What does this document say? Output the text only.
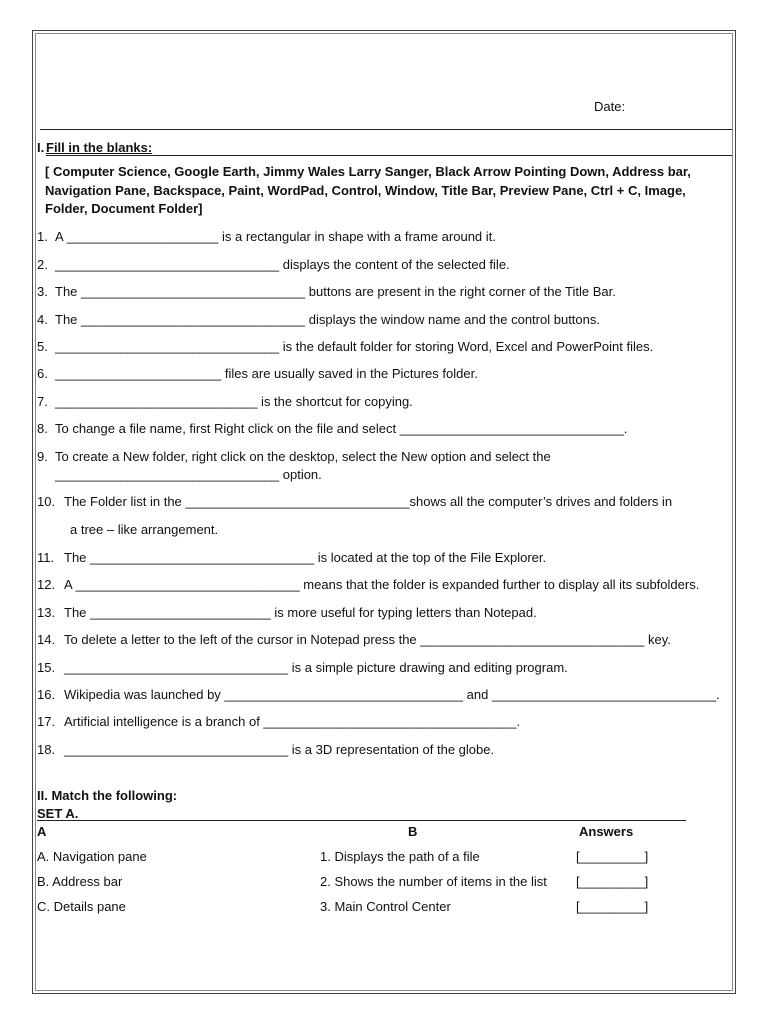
Date:
I. Fill in the blanks:
[ Computer Science, Google Earth, Jimmy Wales Larry Sanger, Black Arrow Pointing Down, Address bar, Navigation Pane, Backspace, Paint, WordPad, Control, Window, Title Bar, Preview Pane, Ctrl + C, Image, Folder, Document Folder]
1. A _____________________ is a rectangular in shape with a frame around it.
2. _______________________________ displays the content of the selected file.
3. The _______________________________ buttons are present in the right corner of the Title Bar.
4. The _______________________________ displays the window name and the control buttons.
5. _______________________________ is the default folder for storing Word, Excel and PowerPoint files.
6. _______________________ files are usually saved in the Pictures folder.
7. ____________________________ is the shortcut for copying.
8. To change a file name, first Right click on the file and select _______________________________.
9. To create a New folder, right click on the desktop, select the New option and select the
_______________________________ option.
10. The Folder list in the _______________________________shows all the computer’s drives and folders in
a tree – like arrangement.
11. The _______________________________ is located at the top of the File Explorer.
12. A _______________________________ means that the folder is expanded further to display all its subfolders.
13. The _________________________ is more useful for typing letters than Notepad.
14. To delete a letter to the left of the cursor in Notepad press the _______________________________ key.
15. _______________________________ is a simple picture drawing and editing program.
16. Wikipedia was launched by _________________________________ and _______________________________.
17. Artificial intelligence is a branch of ___________________________________.
18. _______________________________ is a 3D representation of the globe.
II. Match the following:
SET A.
A	B	Answers
A. Navigation pane	1. Displays the path of a file	[_________]
B. Address bar	2. Shows the number of items in the list [_________]
C. Details pane	3. Main Control Center	[_________]
